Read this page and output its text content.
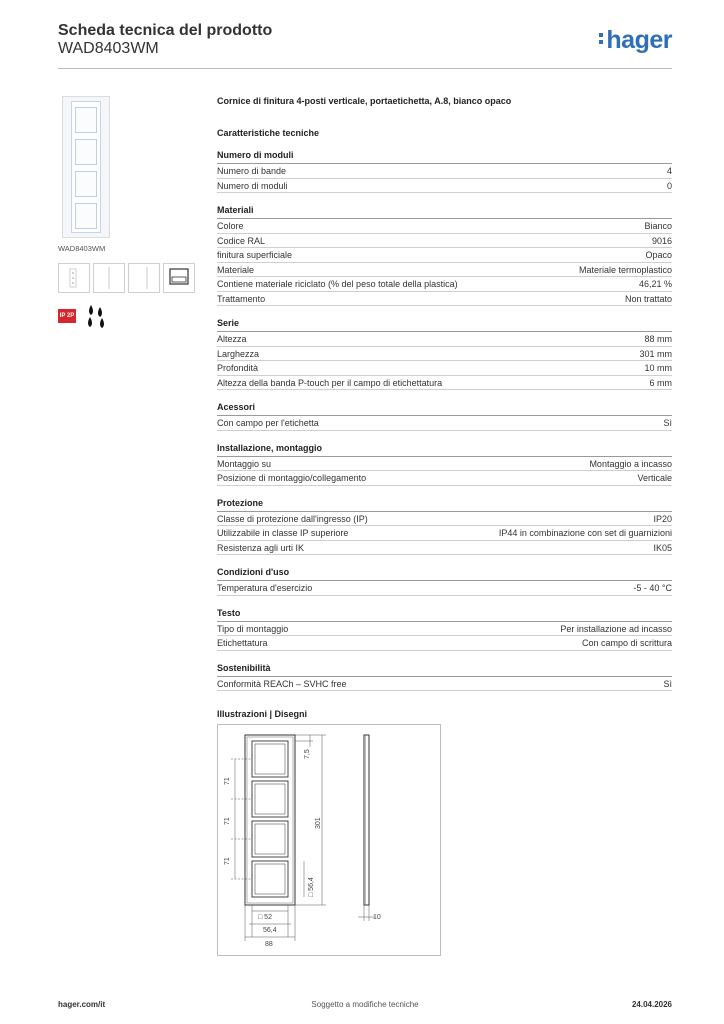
Scheda tecnica del prodotto
WAD8403WM	hager
WAD8403WM
IP 2P
Cornice di finitura 4-posti verticale, portaetichetta, A.8, bianco opaco
Caratteristiche tecniche
Numero di moduli
Numero di bande	4
Numero di moduli	0
Materiali
Colore	Bianco
Codice RAL	9016
finitura superficiale	Opaco
Materiale	Materiale termoplastico
Contiene materiale riciclato (% del peso totale della plastica)	46,21 %
Trattamento	Non trattato
Serie
Altezza	88 mm
Larghezza	301 mm
Profondità	10 mm
Altezza della banda P-touch per il campo di etichettatura	6 mm
Acessori
Con campo per l'etichetta	Sì
Installazione, montaggio
Montaggio su	Montaggio a incasso
Posizione di montaggio/collegamento	Verticale
Protezione
Classe di protezione dall'ingresso (IP)	IP20
Utilizzabile in classe IP superiore	IP44 in combinazione con set di guarnizioni
Resistenza agli urti IK	IK05
Condizioni d'uso
Temperatura d'esercizio	-5 - 40 °C
Testo
Tipo di montaggio	Per installazione ad incasso
Etichettatura	Con campo di scrittura
Sostenibilità
Conformità REACh – SVHC free	Sì
Illustrazioni | Disegni
7,5
71
71
71
301
□ 56,4
□ 52
56,4
88
10
hager.com/it	Soggetto a modifiche tecniche	24.04.2026
